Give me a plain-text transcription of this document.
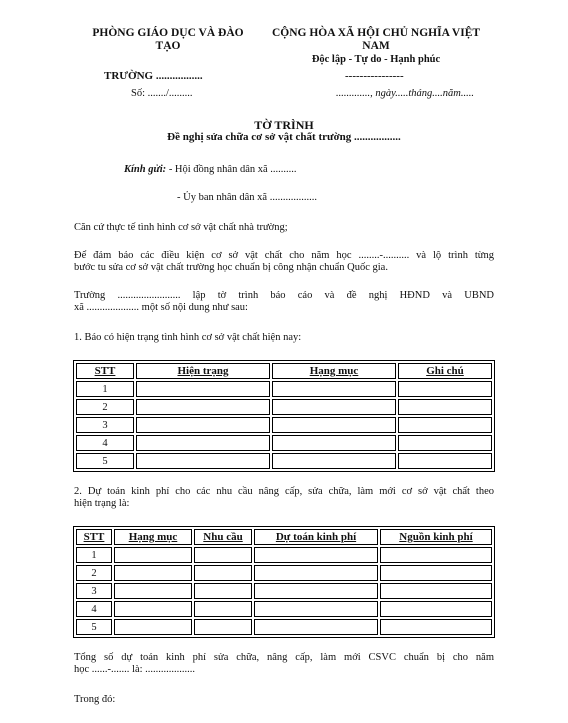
PHÒNG GIÁO DỤC VÀ ĐÀO
TẠO
TRƯỜNG .................
Số: ......./.........
CỘNG HÒA XÃ HỘI CHỦ NGHĨA VIỆT
NAM
Độc lập - Tự do - Hạnh phúc
----------------
............., ngày.....tháng....năm.....
TỜ TRÌNH
Đề nghị sửa chữa cơ sở vật chất trường .................
Kính gửi: - Hội đồng nhân dân xã ..........
- Ủy ban nhân dân xã ..................
Căn cứ thực tế tình hình cơ sở vật chất nhà trường;
Để đảm bảo các điều kiện cơ sở vật chất cho năm học ........-.......... và lộ trình từng
bước tu sửa cơ sở vật chất trường học chuẩn bị công nhận chuẩn Quốc gia.
Trường ........................ lập tờ trình báo cáo và đề nghị HĐND và UBND
xã .................... một số nội dung như sau:
1. Báo có hiện trạng tình hình cơ sở vật chất hiện nay:
STT	Hiện trạng	Hạng mục	Ghi chú
1			
2			
3			
4			
5			
2. Dự toán kinh phí cho các nhu cầu nâng cấp, sửa chữa, làm mới cơ sở vật chất theo
hiện trạng là:
STT	Hạng mục	Nhu cầu	Dự toán kinh phí	Nguồn kinh phí
1				
2				
3				
4				
5				
Tổng số dự toán kinh phí sửa chữa, nâng cấp, làm mới CSVC chuẩn bị cho năm
học ......-....... là: ...................
Trong đó:
